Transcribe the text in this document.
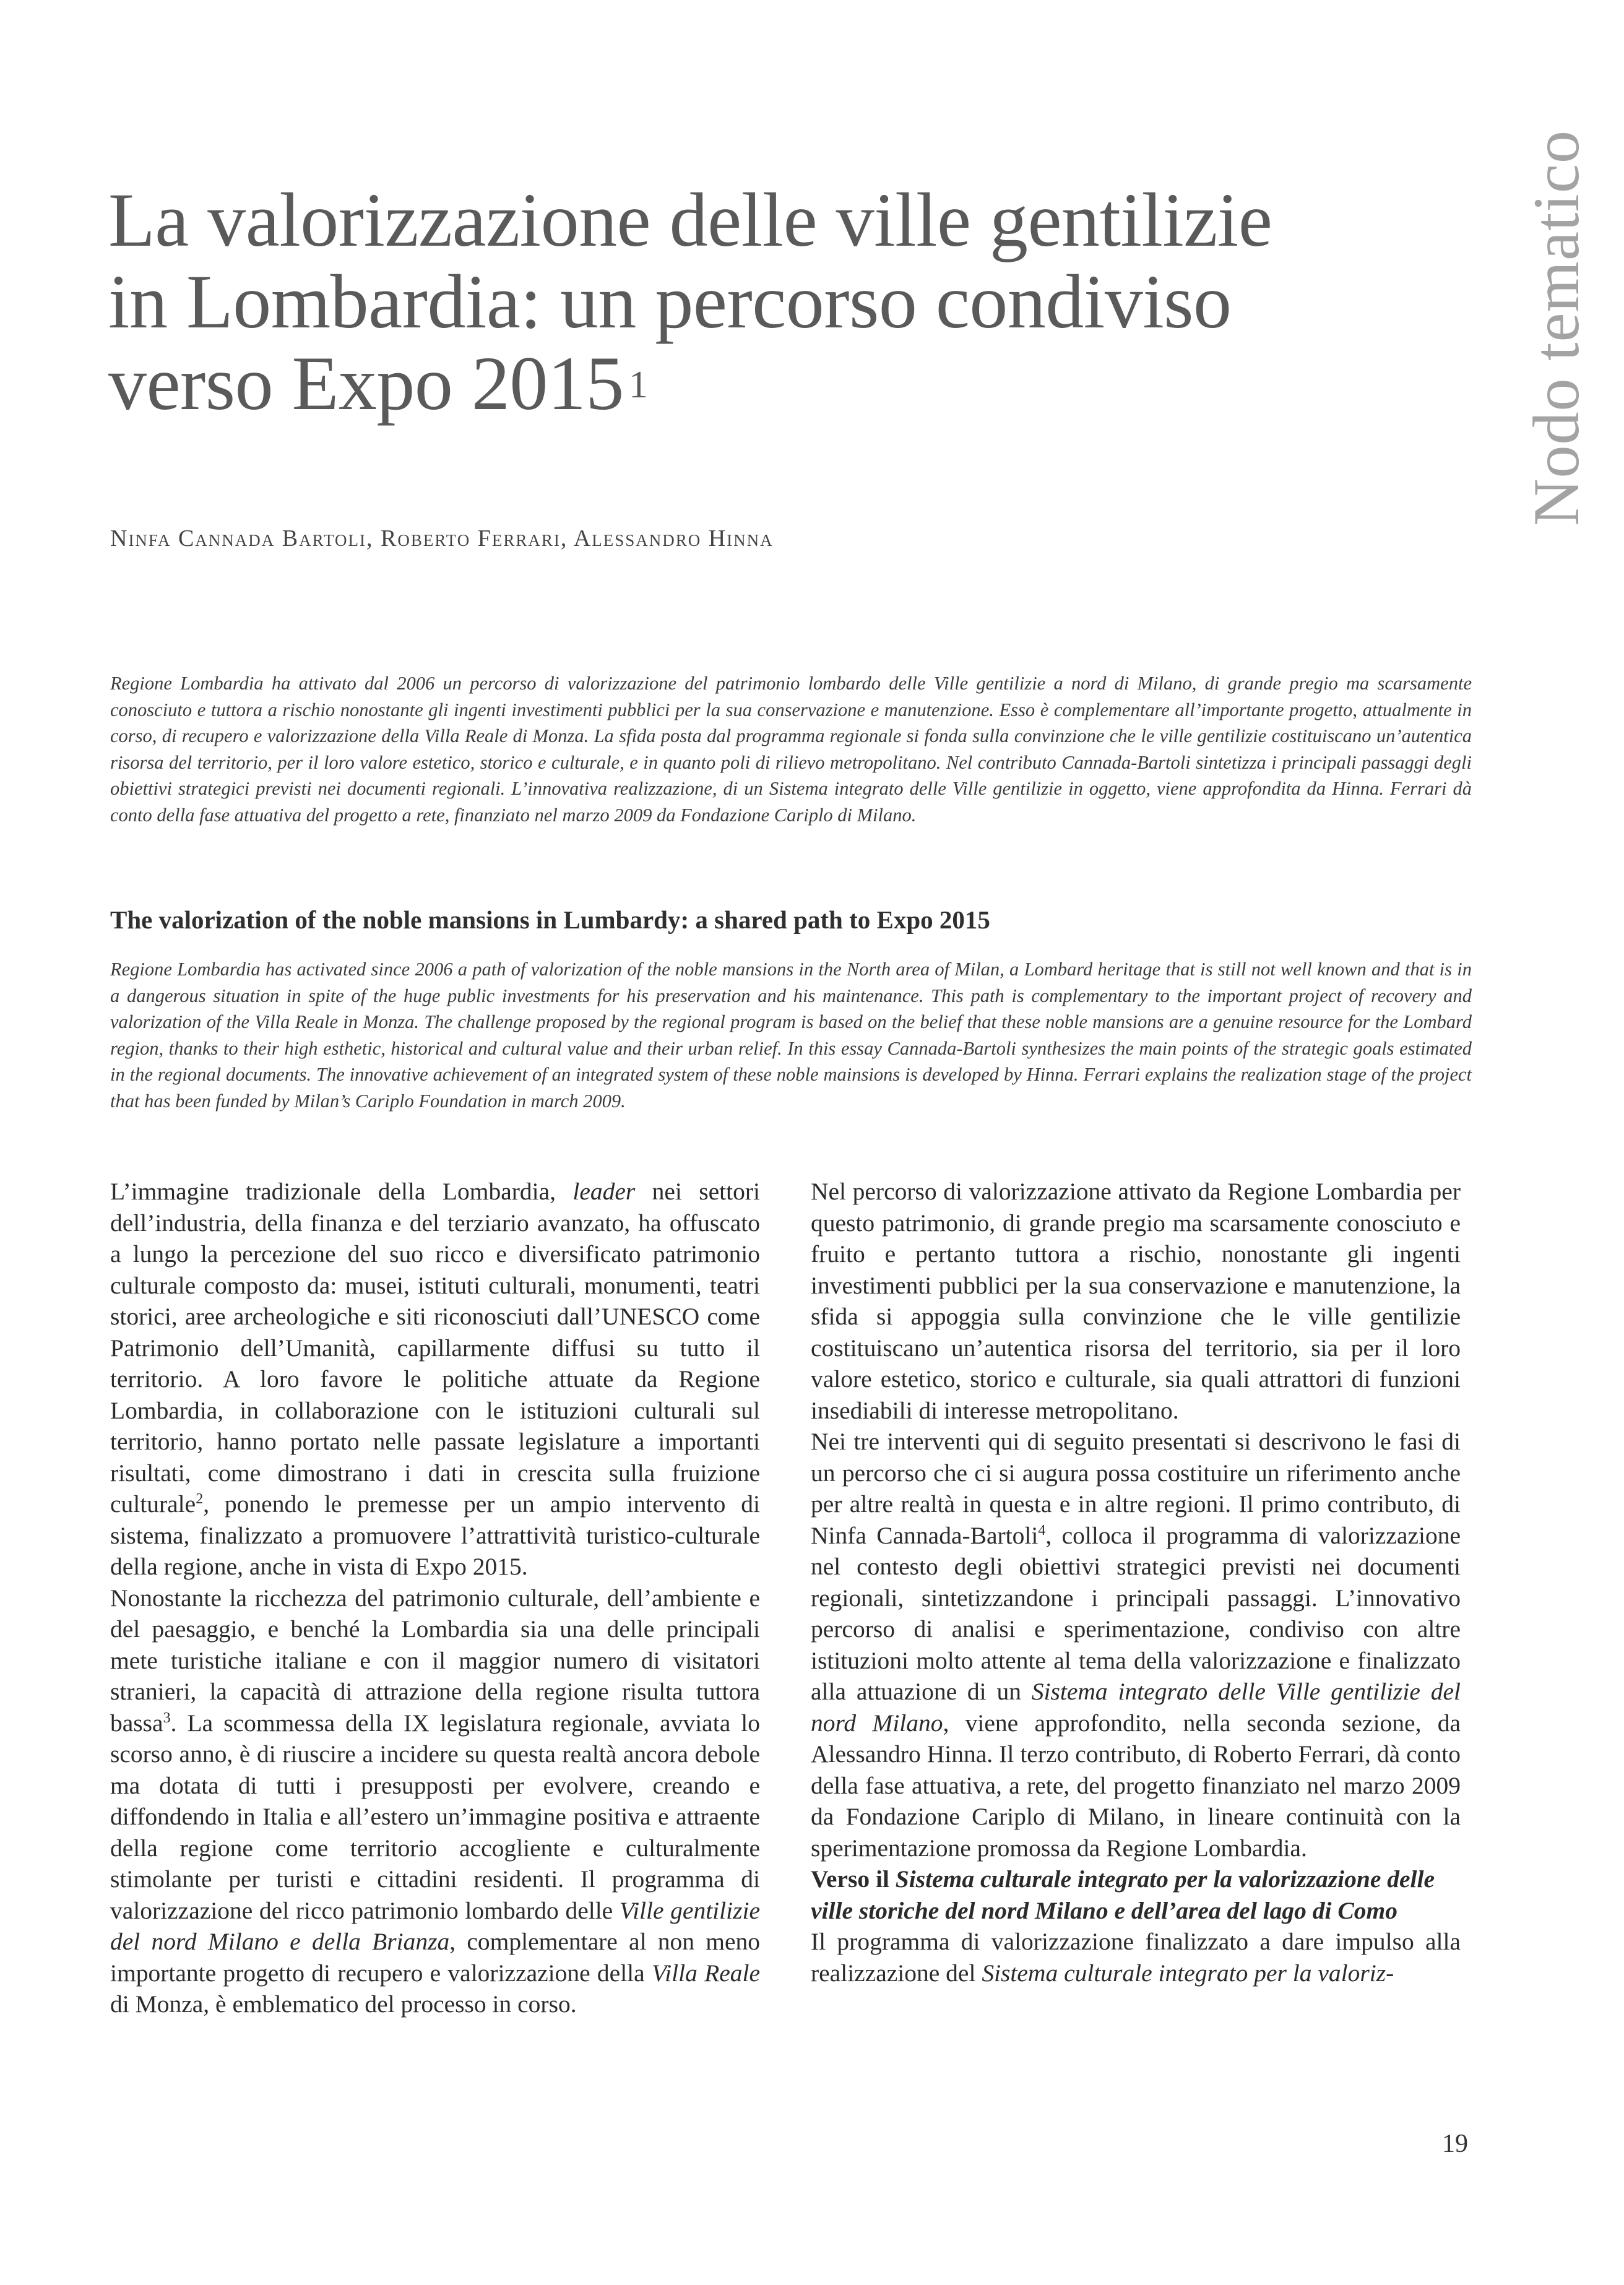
La valorizzazione delle ville gentilizie
in Lombardia: un percorso condiviso
verso Expo 2015 $^1$	Nodo tematico
Ninfa Cannada Bartoli, Roberto Ferrari, Alessandro Hinna

Regione Lombardia ha attivato dal 2006 un percorso di valorizzazione del patrimonio lombardo delle Ville gentilizie a nord di Milano, di grande pregio ma scarsamente conosciuto e tuttora a rischio nonostante gli ingenti investimenti pubblici per la sua conservazione e manutenzione. Esso è complementare all’importante progetto, attualmente in corso, di recupero e valorizzazione della Villa Reale di Monza. La sfida posta dal programma regionale si fonda sulla convinzione che le ville gentilizie costituiscano un’autentica risorsa del territorio, per il loro valore estetico, storico e culturale, e in quanto poli di rilievo metropolitano. Nel contributo Cannada-Bartoli sintetizza i principali passaggi degli obiettivi strategici previsti nei documenti regionali. L’innovativa realizzazione, di un Sistema integrato delle Ville gentilizie in oggetto, viene approfondita da Hinna. Ferrari dà conto della fase attuativa del progetto a rete, finanziato nel marzo 2009 da Fondazione Cariplo di Milano.

The valorization of the noble mansions in Lumbardy: a shared path to Expo 2015

Regione Lombardia has activated since 2006 a path of valorization of the noble mansions in the North area of Milan, a Lombard heritage that is still not well known and that is in a dangerous situation in spite of the huge public investments for his preservation and his maintenance. This path is complementary to the important project of recovery and valorization of the Villa Reale in Monza. The challenge proposed by the regional program is based on the belief that these noble mansions are a genuine resource for the Lombard region, thanks to their high esthetic, historical and cultural value and their urban relief. In this essay Cannada-Bartoli synthesizes the main points of the strategic goals estimated in the regional documents. The innovative achievement of an integrated system of these noble mainsions is developed by Hinna. Ferrari explains the realization stage of the project that has been funded by Milan’s Cariplo Foundation in march 2009.

L’immagine tradizionale della Lombardia, leader nei settori dell’industria, della finanza e del terziario avanzato, ha offuscato a lungo la percezione del suo ricco e diversificato patrimonio culturale composto da: musei, istituti culturali, monumenti, teatri storici, aree archeologiche e siti riconosciuti dall’UNESCO come Patrimonio dell’Umanità, capillarmente diffusi su tutto il territorio. A loro favore le politiche attuate da Regione Lombardia, in collaborazione con le istituzioni culturali sul territorio, hanno portato nelle passate legislature a importanti risultati, come dimostrano i dati in crescita sulla fruizione culturale$^2$, ponendo le premesse per un ampio intervento di sistema, finalizzato a promuovere l’attrattività turistico-culturale della regione, anche in vista di Expo 2015.

Nonostante la ricchezza del patrimonio culturale, dell’ambiente e del paesaggio, e benché la Lombardia sia una delle principali mete turistiche italiane e con il maggior numero di visitatori stranieri, la capacità di attrazione della regione risulta tuttora bassa$^3$. La scommessa della IX legislatura regionale, avviata lo scorso anno, è di riuscire a incidere su questa realtà ancora debole ma dotata di tutti i presupposti per evolvere, creando e diffondendo in Italia e all’estero un’immagine positiva e attraente della regione come territorio accogliente e culturalmente stimolante per turisti e cittadini residenti. Il programma di valorizzazione del ricco patrimonio lombardo delle Ville gentilizie del nord Milano e della Brianza, complementare al non meno importante progetto di recupero e valorizzazione della Villa Reale di Monza, è emblematico del processo in corso.

Nel percorso di valorizzazione attivato da Regione Lombardia per questo patrimonio, di grande pregio ma scarsamente conosciuto e fruito e pertanto tuttora a rischio, nonostante gli ingenti investimenti pubblici per la sua conservazione e manutenzione, la sfida si appoggia sulla convinzione che le ville gentilizie costituiscano un’autentica risorsa del territorio, sia per il loro valore estetico, storico e culturale, sia quali attrattori di funzioni insediabili di interesse metropolitano.

Nei tre interventi qui di seguito presentati si descrivono le fasi di un percorso che ci si augura possa costituire un riferimento anche per altre realtà in questa e in altre regioni. Il primo contributo, di Ninfa Cannada-Bartoli$^4$, colloca il programma di valorizzazione nel contesto degli obiettivi strategici previsti nei documenti regionali, sintetizzandone i principali passaggi. L’innovativo percorso di analisi e sperimentazione, condiviso con altre istituzioni molto attente al tema della valorizzazione e finalizzato alla attuazione di un Sistema integrato delle Ville gentilizie del nord Milano, viene approfondito, nella seconda sezione, da Alessandro Hinna. Il terzo contributo, di Roberto Ferrari, dà conto della fase attuativa, a rete, del progetto finanziato nel marzo 2009 da Fondazione Cariplo di Milano, in lineare continuità con la sperimentazione promossa da Regione Lombardia.

Verso il Sistema culturale integrato per la valorizzazione delle ville storiche del nord Milano e dell’area del lago di Como

Il programma di valorizzazione finalizzato a dare impulso alla realizzazione del Sistema culturale integrato per la valoriz-

19
